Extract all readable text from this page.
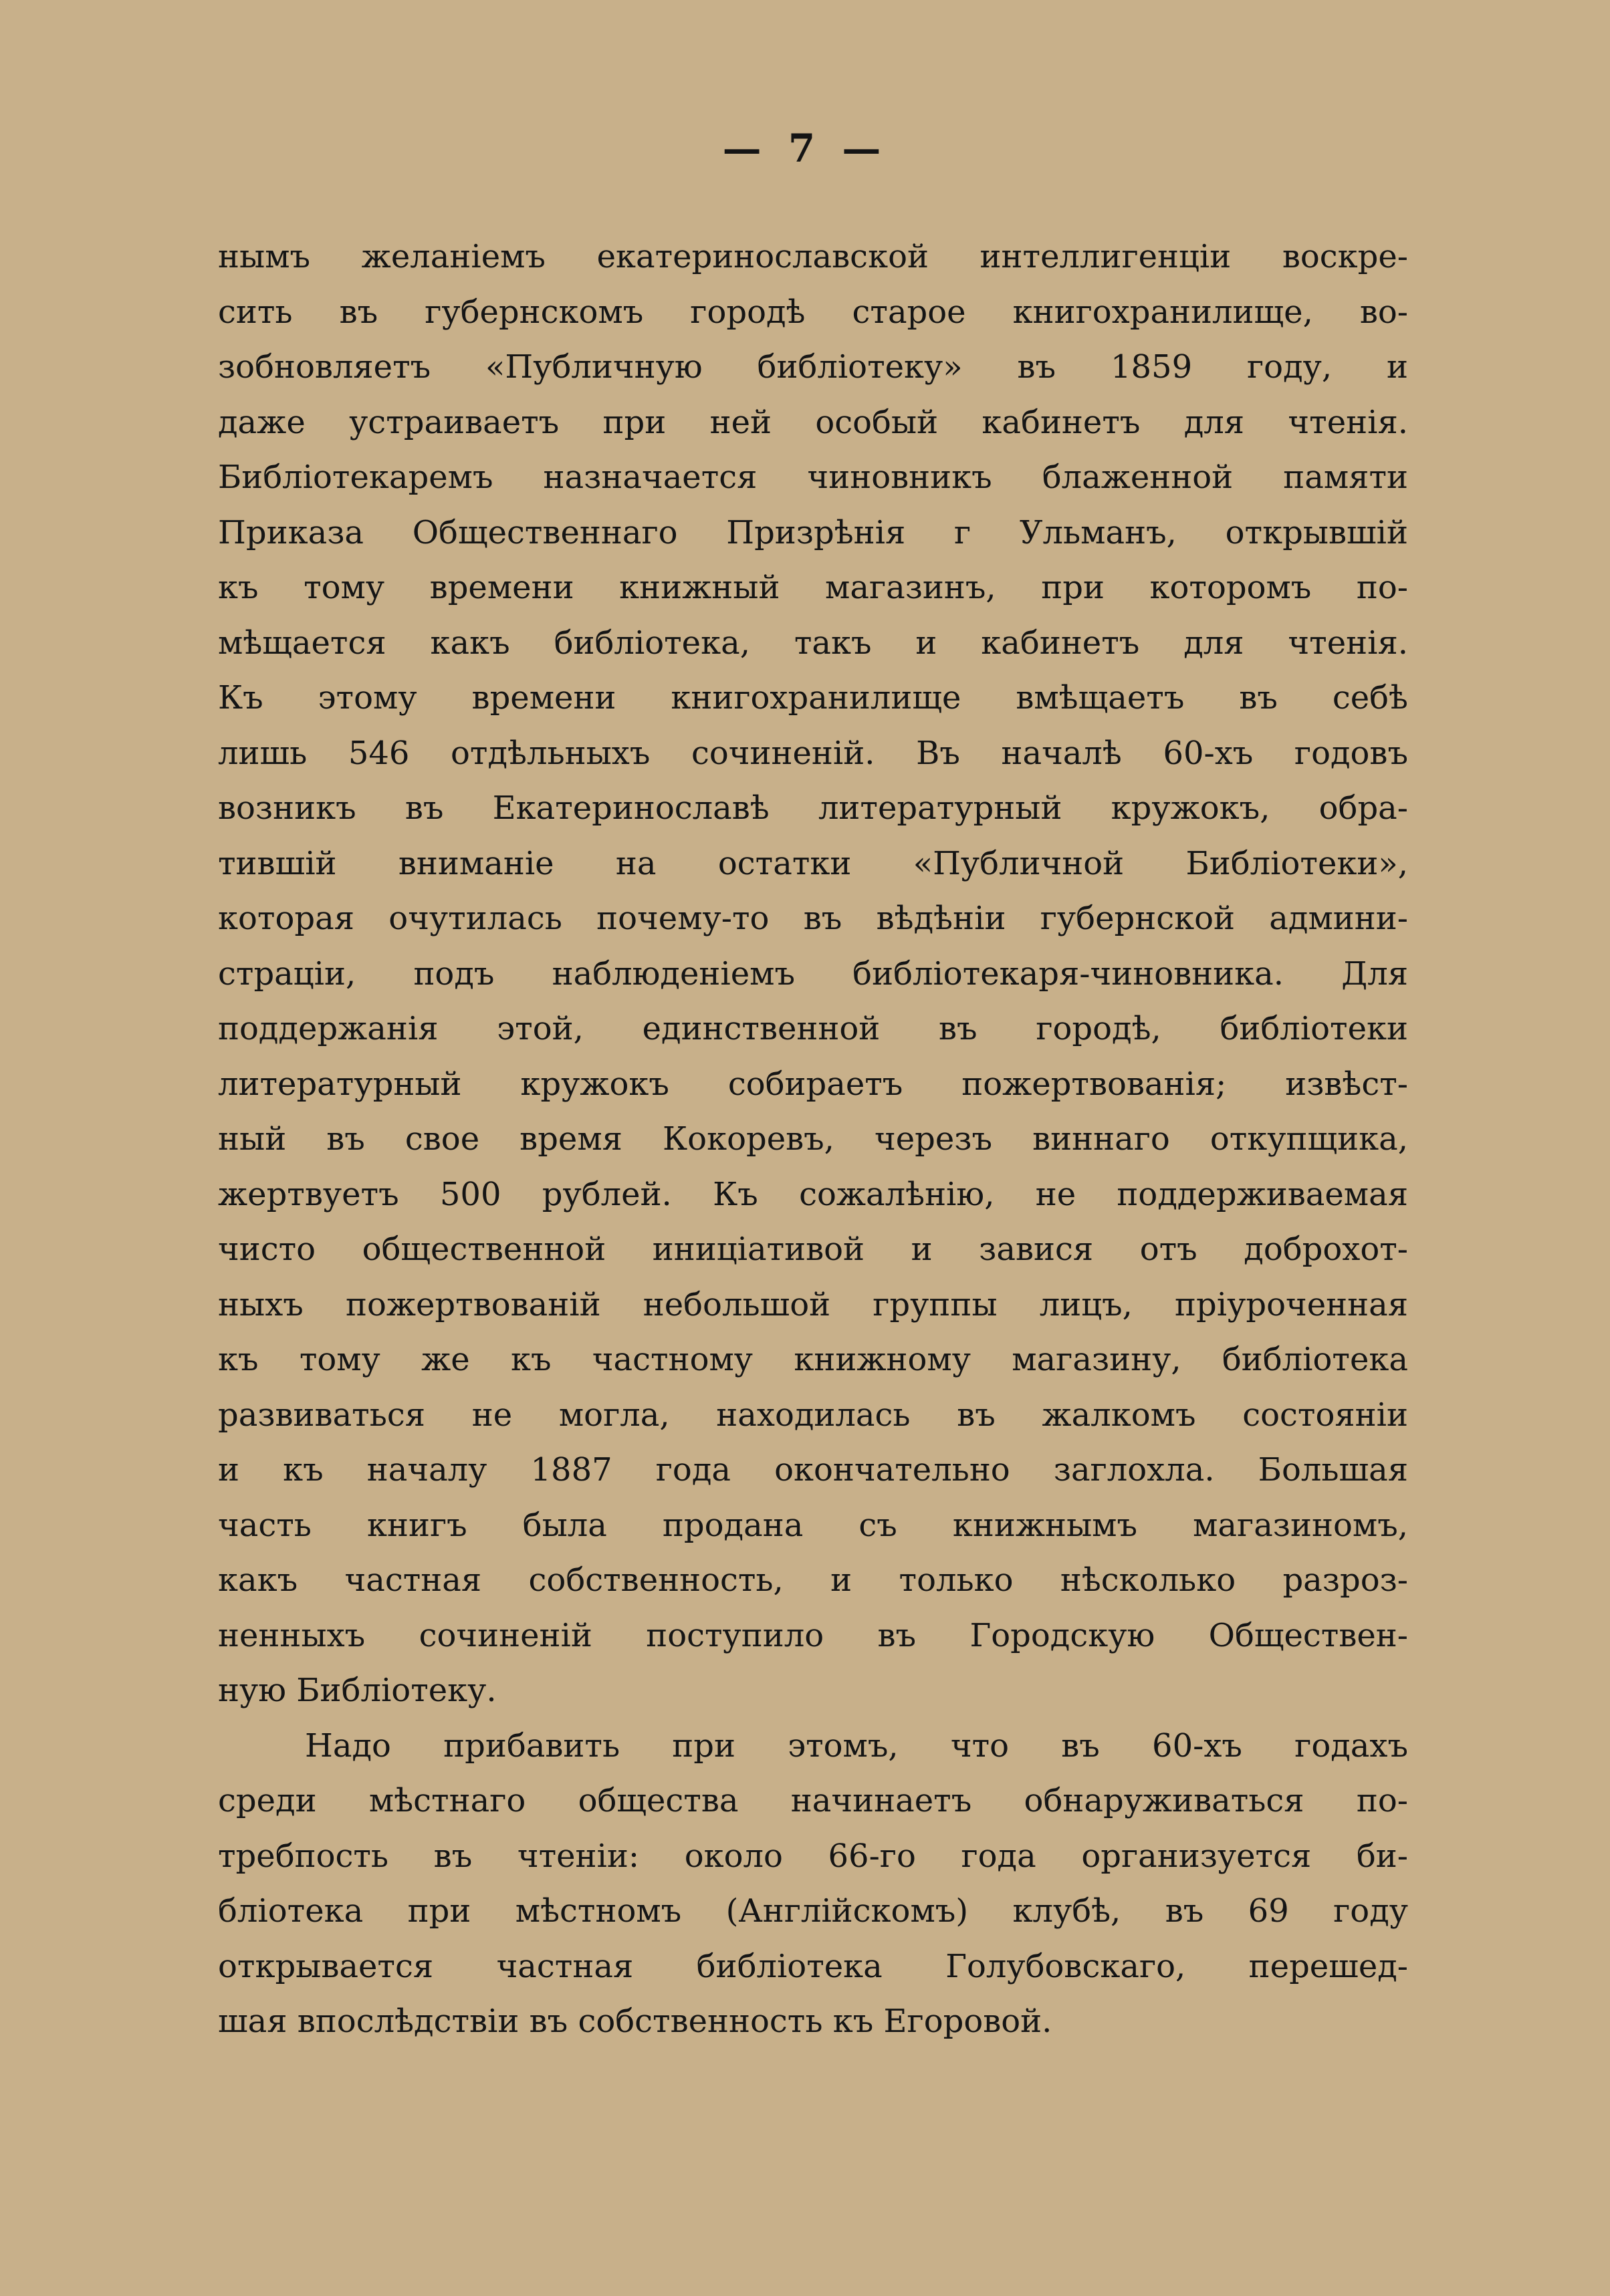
— 7 —
нымъ желаніемъ екатеринославской интеллигенціи воскре-
сить въ губернскомъ городѣ старое книгохранилище, во-
зобновляетъ «Публичную библіотеку» въ 1859 году, и
даже устраиваетъ при ней особый кабинетъ для чтенія.
Библіотекаремъ назначается чиновникъ блаженной памяти
Приказа Общественнаго Призрѣнія г Ульманъ, открывшій
къ тому времени книжный магазинъ, при которомъ по-
мѣщается какъ библіотека, такъ и кабинетъ для чтенія.
Къ этому времени книгохранилище вмѣщаетъ въ себѣ
лишь 546 отдѣльныхъ сочиненій. Въ началѣ 60-хъ годовъ
возникъ въ Екатеринославѣ литературный кружокъ, обра-
тившій вниманіе на остатки «Публичной Библіотеки»,
которая очутилась почему-то въ вѣдѣніи губернской админи-
страціи, подъ наблюденіемъ библіотекаря-чиновника. Для
поддержанія этой, единственной въ городѣ, библіотеки
литературный кружокъ собираетъ пожертвованія; извѣст-
ный въ свое время Кокоревъ, черезъ виннаго откупщика,
жертвуетъ 500 рублей. Къ сожалѣнію, не поддерживаемая
чисто общественной иниціативой и завися отъ доброхот-
ныхъ пожертвованій небольшой группы лицъ, пріуроченная
къ тому же къ частному книжному магазину, библіотека
развиваться не могла, находилась въ жалкомъ состояніи
и къ началу 1887 года окончательно заглохла. Большая
часть книгъ была продана съ книжнымъ магазиномъ,
какъ частная собственность, и только нѣсколько разроз-
ненныхъ сочиненій поступило въ Городскую Обществен-
ную Библіотеку.
Надо прибавить при этомъ, что въ 60-хъ годахъ
среди мѣстнаго общества начинаетъ обнаруживаться по-
требпость въ чтеніи: около 66-го года организуется би-
бліотека при мѣстномъ (Англійскомъ) клубѣ, въ 69 году
открывается частная библіотека Голубовскаго, перешед-
шая впослѣдствіи въ собственность къ Егоровой.
